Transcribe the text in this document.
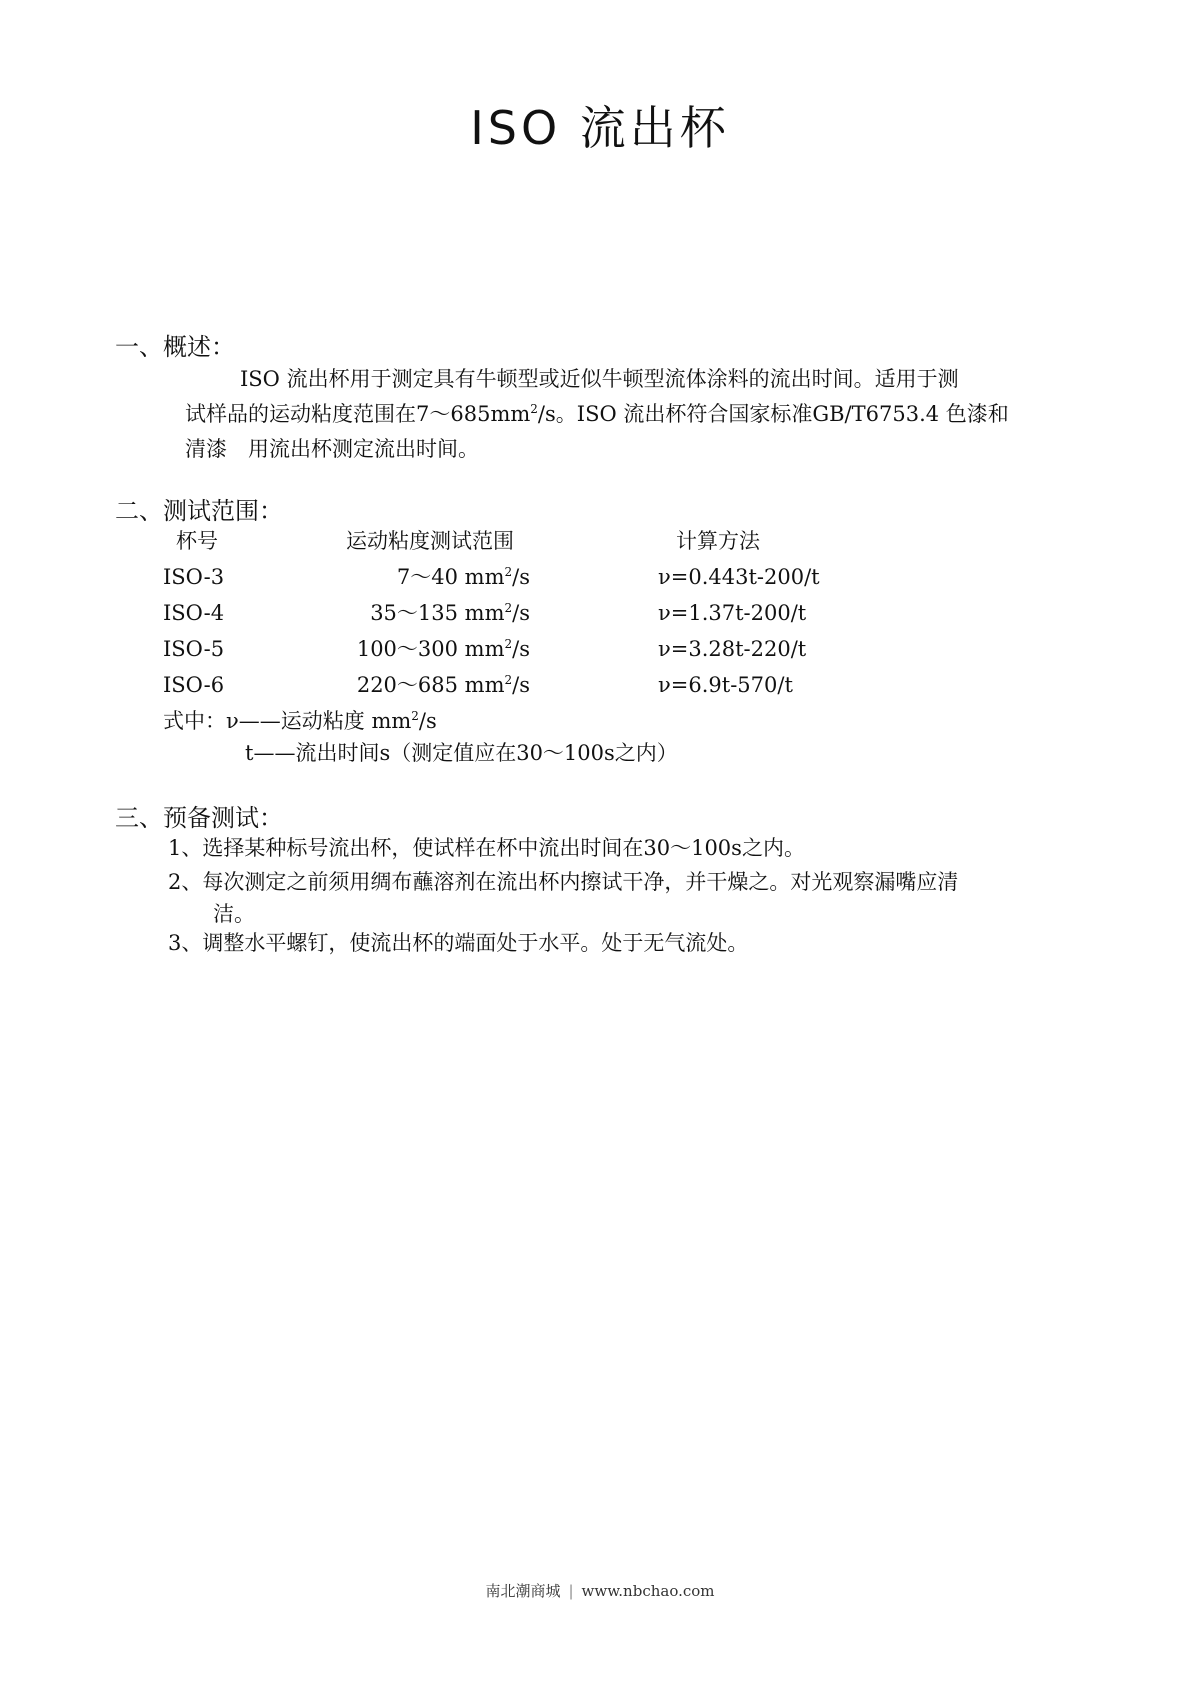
ISO 流出杯
一、概述：

ISO 流出杯用于测定具有牛顿型或近似牛顿型流体涂料的流出时间。适用于测
试样品的运动粘度范围在$7\sim 685mm^2/s$。ISO 流出杯符合国家标准GB/T6753.4 色漆和
清漆　用流出杯测定流出时间。

二、测试范围：
杯号	运动粘度测试范围	计算方法
ISO-3	7～40 $mm^2/s$	ν=0.443t-200/t
ISO-4	35～135 $mm^2/s$	ν=1.37t-200/t
ISO-5	100～300 $mm^2/s$	ν=3.28t-220/t
ISO-6	220～685 $mm^2/s$	ν=6.9t-570/t
式中：ν——运动粘度 $mm^2/s$
t——流出时间s（测定值应在30～100s之内）
三、预备测试：
1、选择某种标号流出杯，使试样在杯中流出时间在30～100s之内。
2、每次测定之前须用绸布蘸溶剂在流出杯内擦试干净，并干燥之。对光观察漏嘴应清
洁。
3、调整水平螺钉，使流出杯的端面处于水平。处于无气流处。
南北潮商城 | www.nbchao.com
